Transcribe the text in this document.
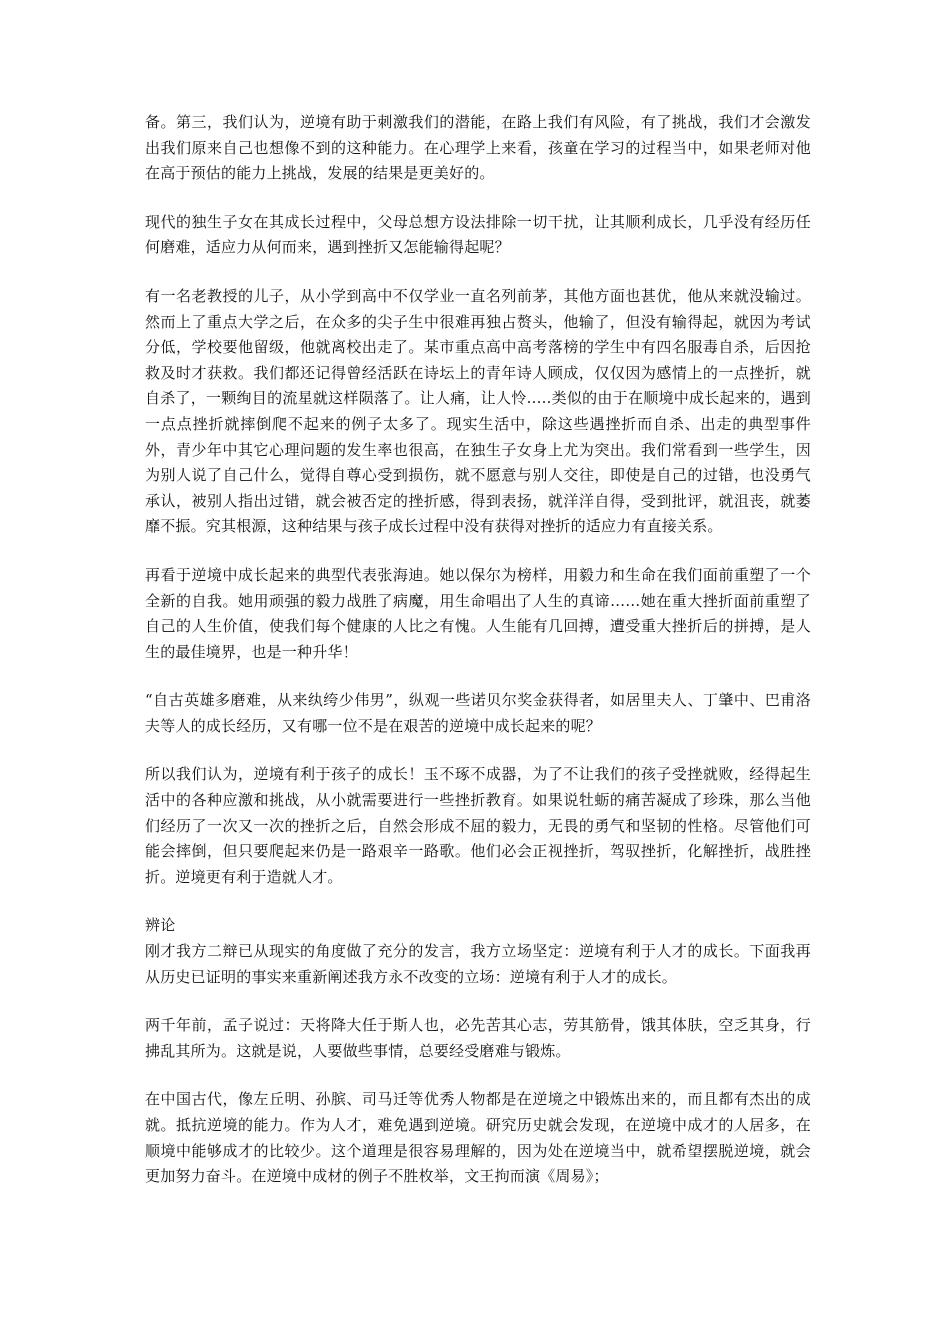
备。第三，我们认为，逆境有助于刺激我们的潜能，在路上我们有风险，有了挑战，我们才会激发出我们原来自己也想像不到的这种能力。在心理学上来看，孩童在学习的过程当中，如果老师对他在高于预估的能力上挑战，发展的结果是更美好的。

现代的独生子女在其成长过程中，父母总想方设法排除一切干扰，让其顺利成长，几乎没有经历任何磨难，适应力从何而来，遇到挫折又怎能输得起呢？

有一名老教授的儿子，从小学到高中不仅学业一直名列前茅，其他方面也甚优，他从来就没输过。然而上了重点大学之后，在众多的尖子生中很难再独占赘头，他输了，但没有输得起，就因为考试分低，学校要他留级，他就离校出走了。某市重点高中高考落榜的学生中有四名服毒自杀，后因抢救及时才获救。我们都还记得曾经活跃在诗坛上的青年诗人顾成，仅仅因为感情上的一点挫折，就自杀了，一颗绚目的流星就这样陨落了。让人痛，让人怜…..类似的由于在顺境中成长起来的，遇到一点点挫折就摔倒爬不起来的例子太多了。现实生活中，除这些遇挫折而自杀、出走的典型事件外，青少年中其它心理问题的发生率也很高，在独生子女身上尤为突出。我们常看到一些学生，因为别人说了自己什么，觉得自尊心受到损伤，就不愿意与别人交往，即使是自己的过错，也没勇气承认，被别人指出过错，就会被否定的挫折感，得到表扬，就洋洋自得，受到批评，就沮丧，就萎靡不振。究其根源，这种结果与孩子成长过程中没有获得对挫折的适应力有直接关系。

再看于逆境中成长起来的典型代表张海迪。她以保尔为榜样，用毅力和生命在我们面前重塑了一个全新的自我。她用顽强的毅力战胜了病魔，用生命唱出了人生的真谛……她在重大挫折面前重塑了自己的人生价值，使我们每个健康的人比之有愧。人生能有几回搏，遭受重大挫折后的拼搏，是人生的最佳境界，也是一种升华！

“自古英雄多磨难，从来纨绔少伟男”，纵观一些诺贝尔奖金获得者，如居里夫人、丁肇中、巴甫洛夫等人的成长经历，又有哪一位不是在艰苦的逆境中成长起来的呢？

所以我们认为，逆境有利于孩子的成长！玉不琢不成器，为了不让我们的孩子受挫就败，经得起生活中的各种应激和挑战，从小就需要进行一些挫折教育。如果说牡蛎的痛苦凝成了珍珠，那么当他们经历了一次又一次的挫折之后，自然会形成不屈的毅力，无畏的勇气和坚韧的性格。尽管他们可能会摔倒，但只要爬起来仍是一路艰辛一路歌。他们必会正视挫折，驾驭挫折，化解挫折，战胜挫折。逆境更有利于造就人才。

辨论

刚才我方二辩已从现实的角度做了充分的发言，我方立场坚定：逆境有利于人才的成长。下面我再从历史已证明的事实来重新阐述我方永不改变的立场：逆境有利于人才的成长。

两千年前，孟子说过：天将降大任于斯人也，必先苦其心志，劳其筋骨，饿其体肤，空乏其身，行拂乱其所为。这就是说，人要做些事情，总要经受磨难与锻炼。

在中国古代，像左丘明、孙膑、司马迁等优秀人物都是在逆境之中锻炼出来的，而且都有杰出的成就。抵抗逆境的能力。作为人才，难免遇到逆境。研究历史就会发现，在逆境中成才的人居多，在顺境中能够成才的比较少。这个道理是很容易理解的，因为处在逆境当中，就希望摆脱逆境，就会更加努力奋斗。在逆境中成材的例子不胜枚举，文王拘而演《周易》；
